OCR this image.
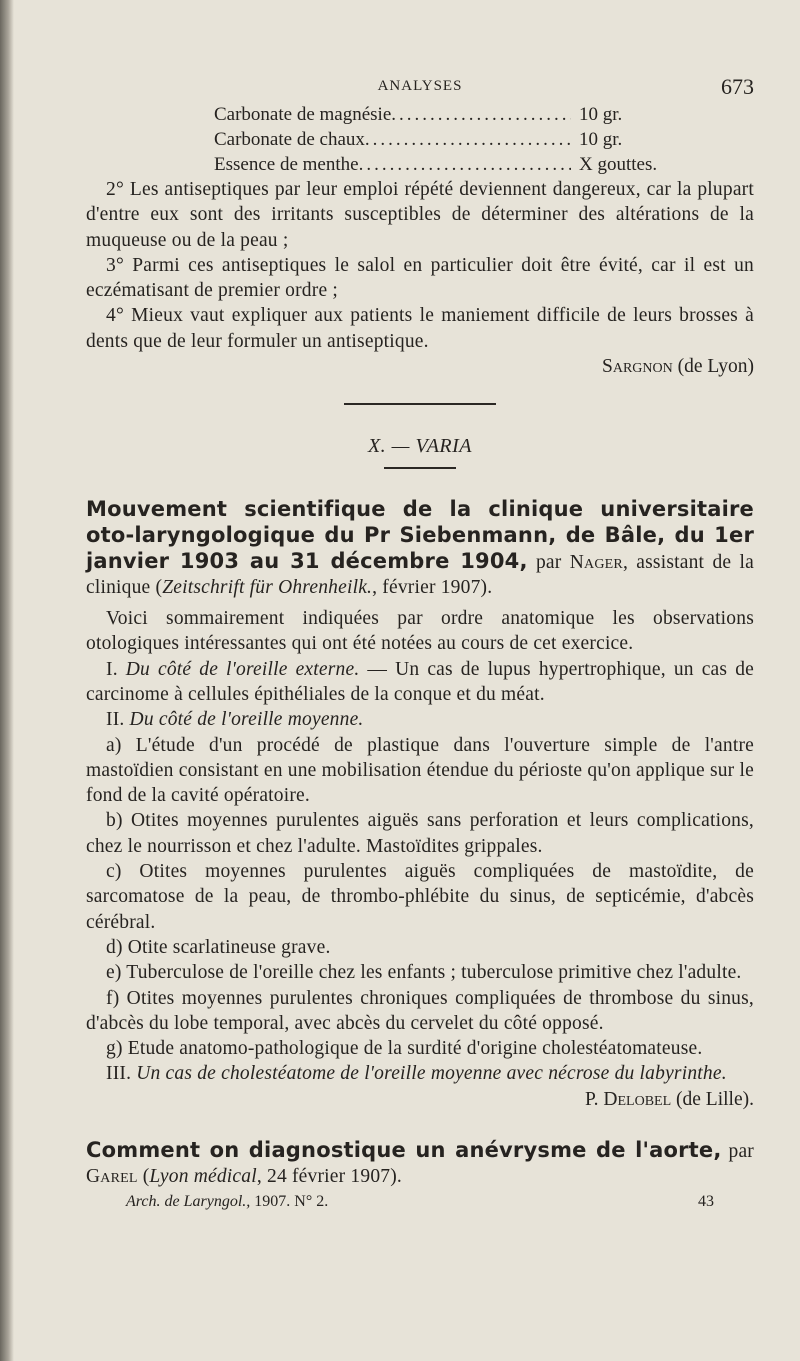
ANALYSES	673
Carbonate de magnésie .....	10 gr.
Carbonate de chaux .....	10 gr.
Essence de menthe .....	X gouttes.

2° Les antiseptiques par leur emploi répété deviennent dangereux, car la plupart d'entre eux sont des irritants susceptibles de déterminer des altérations de la muqueuse ou de la peau ;

3° Parmi ces antiseptiques le salol en particulier doit être évité, car il est un eczématisant de premier ordre ;

4° Mieux vaut expliquer aux patients le maniement difficile de leurs brosses à dents que de leur formuler un antiseptique.

Sargnon (de Lyon)
X. — VARIA

Mouvement scientifique de la clinique universitaire oto-laryngologique du Pr Siebenmann, de Bâle, du 1er janvier 1903 au 31 décembre 1904, par Nager, assistant de la clinique (Zeitschrift für Ohrenheilk., février 1907).

Voici sommairement indiquées par ordre anatomique les observations otologiques intéressantes qui ont été notées au cours de cet exercice.

I. Du côté de l'oreille externe. — Un cas de lupus hypertrophique, un cas de carcinome à cellules épithéliales de la conque et du méat.

II. Du côté de l'oreille moyenne.

a) L'étude d'un procédé de plastique dans l'ouverture simple de l'antre mastoïdien consistant en une mobilisation étendue du périoste qu'on applique sur le fond de la cavité opératoire.

b) Otites moyennes purulentes aiguës sans perforation et leurs complications, chez le nourrisson et chez l'adulte. Mastoïdites grippales.

c) Otites moyennes purulentes aiguës compliquées de mastoïdite, de sarcomatose de la peau, de thrombo-phlébite du sinus, de septicémie, d'abcès cérébral.

d) Otite scarlatineuse grave.

e) Tuberculose de l'oreille chez les enfants ; tuberculose primitive chez l'adulte.

f) Otites moyennes purulentes chroniques compliquées de thrombose du sinus, d'abcès du lobe temporal, avec abcès du cervelet du côté opposé.

g) Etude anatomo-pathologique de la surdité d'origine cholestéatomateuse.

III. Un cas de cholestéatome de l'oreille moyenne avec nécrose du labyrinthe.

P. Delobel (de Lille).

Comment on diagnostique un anévrysme de l'aorte, par Garel (Lyon médical, 24 février 1907).

Arch. de Laryngol., 1907. N° 2.	43
